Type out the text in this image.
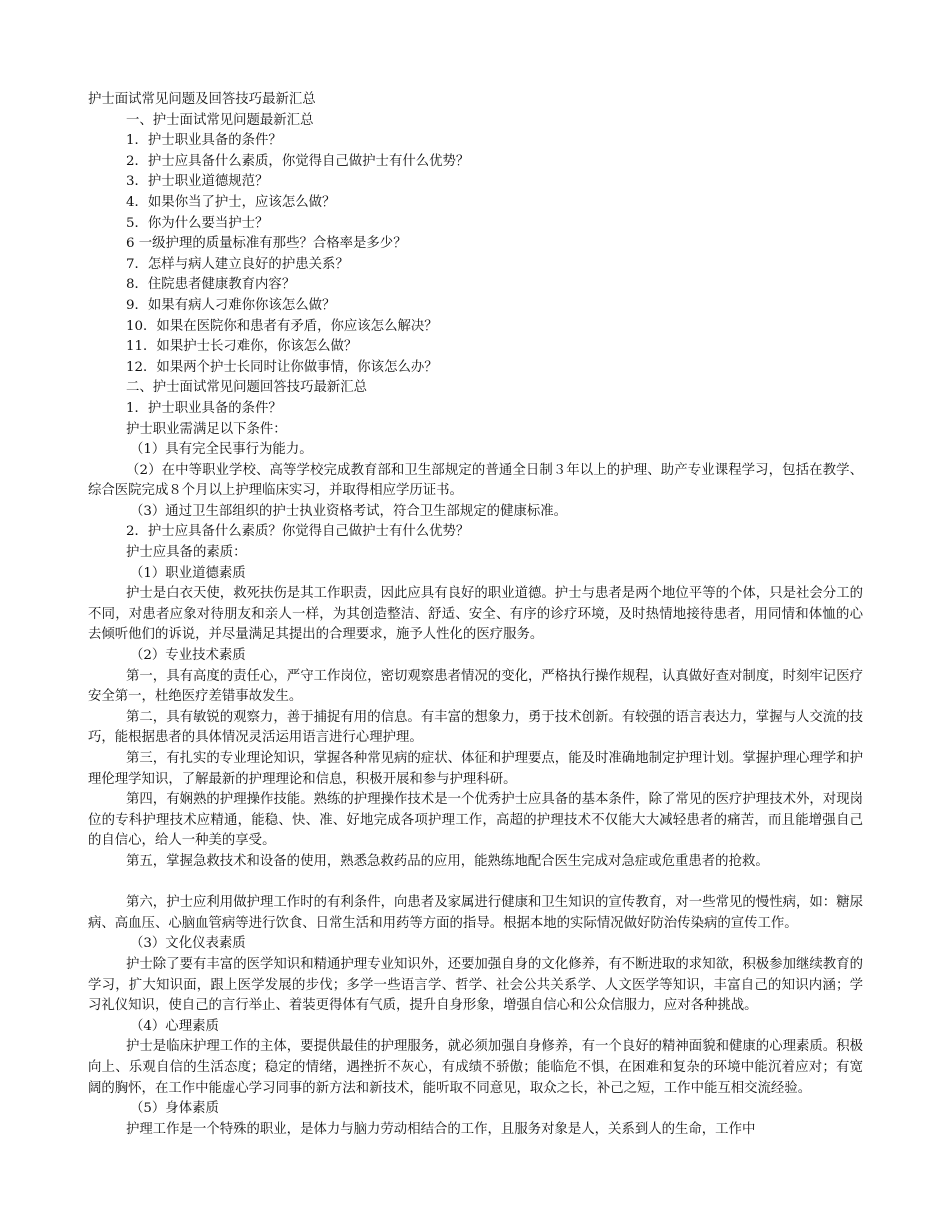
护士面试常见问题及回答技巧最新汇总
一、护士面试常见问题最新汇总
1．护士职业具备的条件？
2．护士应具备什么素质，你觉得自己做护士有什么优势？
3．护士职业道德规范？
4．如果你当了护士，应该怎么做？
5．你为什么要当护士？
6 一级护理的质量标准有那些？合格率是多少？
7．怎样与病人建立良好的护患关系？
8．住院患者健康教育内容？
9．如果有病人刁难你你该怎么做？
10．如果在医院你和患者有矛盾，你应该怎么解决？
11．如果护士长刁难你，你该怎么做？
12．如果两个护士长同时让你做事情，你该怎么办？
二、护士面试常见问题回答技巧最新汇总
1．护士职业具备的条件？
护士职业需满足以下条件：
（1）具有完全民事行为能力。

（2）在中等职业学校、高等学校完成教育部和卫生部规定的普通全日制３年以上的护理、助产专业课程学习，包括在教学、综合医院完成８个月以上护理临床实习，并取得相应学历证书。

（3）通过卫生部组织的护士执业资格考试，符合卫生部规定的健康标准。
2．护士应具备什么素质？你觉得自己做护士有什么优势？
护士应具备的素质：
（1）职业道德素质

护士是白衣天使，救死扶伤是其工作职责，因此应具有良好的职业道德。护士与患者是两个地位平等的个体，只是社会分工的不同，对患者应象对待朋友和亲人一样，为其创造整洁、舒适、安全、有序的诊疗环境，及时热情地接待患者，用同情和体恤的心去倾听他们的诉说，并尽量满足其提出的合理要求，施予人性化的医疗服务。

（2）专业技术素质

第一，具有高度的责任心，严守工作岗位，密切观察患者情况的变化，严格执行操作规程，认真做好查对制度，时刻牢记医疗安全第一，杜绝医疗差错事故发生。

第二，具有敏锐的观察力，善于捕捉有用的信息。有丰富的想象力，勇于技术创新。有较强的语言表达力，掌握与人交流的技巧，能根据患者的具体情况灵活运用语言进行心理护理。

第三，有扎实的专业理论知识，掌握各种常见病的症状、体征和护理要点，能及时准确地制定护理计划。掌握护理心理学和护理伦理学知识，了解最新的护理理论和信息，积极开展和参与护理科研。

第四，有娴熟的护理操作技能。熟练的护理操作技术是一个优秀护士应具备的基本条件，除了常见的医疗护理技术外，对现岗位的专科护理技术应精通，能稳、快、准、好地完成各项护理工作，高超的护理技术不仅能大大减轻患者的痛苦，而且能增强自己的自信心，给人一种美的享受。

第五，掌握急救技术和设备的使用，熟悉急救药品的应用，能熟练地配合医生完成对急症或危重患者的抢救。

第六，护士应利用做护理工作时的有利条件，向患者及家属进行健康和卫生知识的宣传教育，对一些常见的慢性病，如：糖尿病、高血压、心脑血管病等进行饮食、日常生活和用药等方面的指导。根据本地的实际情况做好防治传染病的宣传工作。

（3）文化仪表素质

护士除了要有丰富的医学知识和精通护理专业知识外，还要加强自身的文化修养，有不断进取的求知欲，积极参加继续教育的学习，扩大知识面，跟上医学发展的步伐；多学一些语言学、哲学、社会公共关系学、人文医学等知识，丰富自己的知识内涵；学习礼仪知识，使自己的言行举止、着装更得体有气质，提升自身形象，增强自信心和公众信服力，应对各种挑战。

（4）心理素质

护士是临床护理工作的主体，要提供最佳的护理服务，就必须加强自身修养，有一个良好的精神面貌和健康的心理素质。积极向上、乐观自信的生活态度；稳定的情绪，遇挫折不灰心，有成绩不骄傲；能临危不惧，在困难和复杂的环境中能沉着应对；有宽阔的胸怀，在工作中能虚心学习同事的新方法和新技术，能听取不同意见，取众之长，补己之短，工作中能互相交流经验。

（5）身体素质

护理工作是一个特殊的职业，是体力与脑力劳动相结合的工作，且服务对象是人，关系到人的生命，工作中
